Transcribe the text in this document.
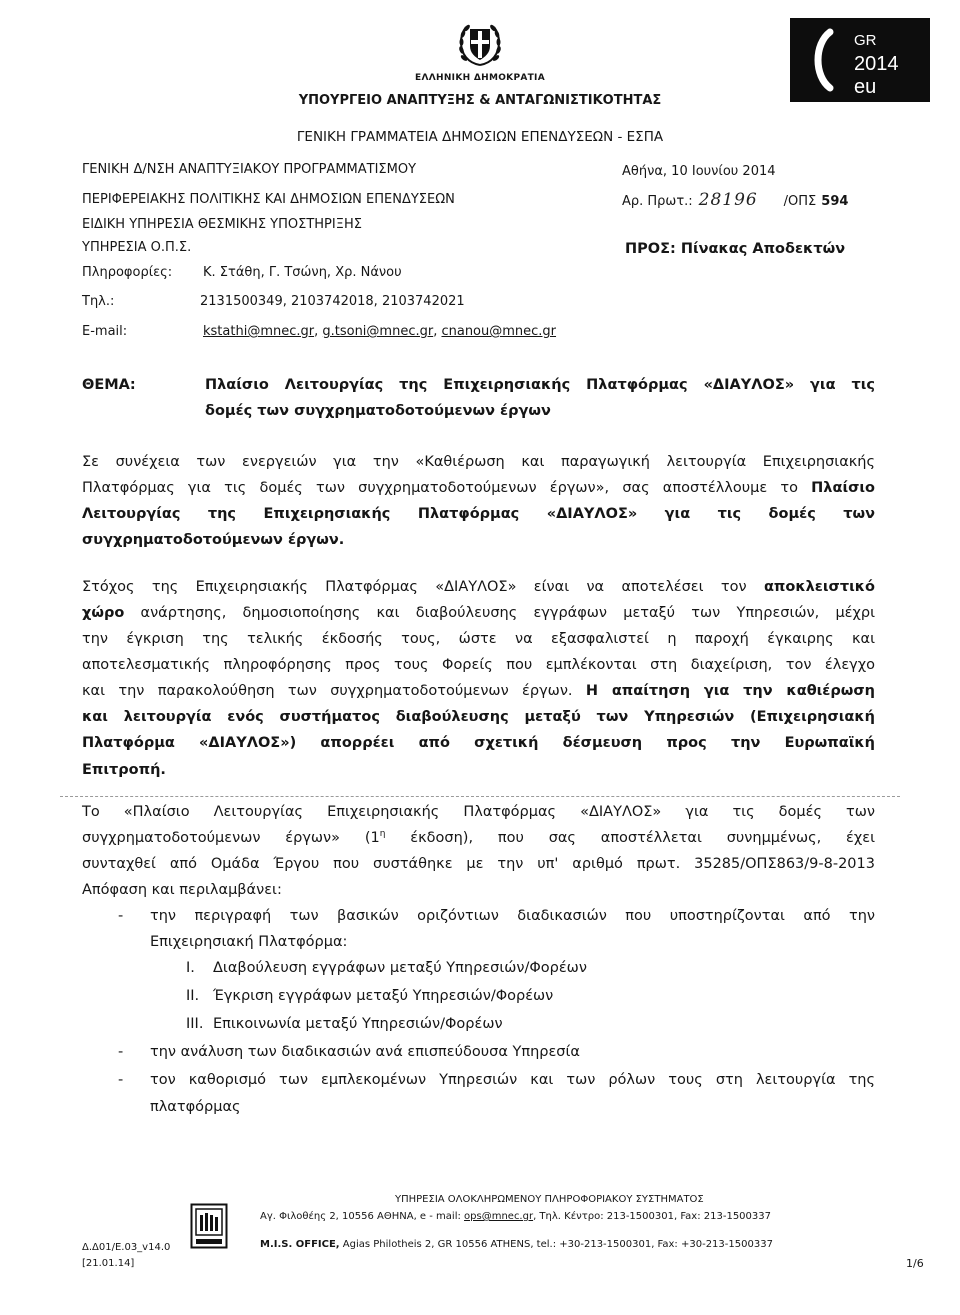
ΕΛΛΗΝΙΚΗ ΔΗΜΟΚΡΑΤΙΑ
ΥΠΟΥΡΓΕΙΟ ΑΝΑΠΤΥΞΗΣ & ΑΝΤΑΓΩΝΙΣΤΙΚΟΤΗΤΑΣ
ΓΕΝΙΚΗ ΓΡΑΜΜΑΤΕΙΑ ΔΗΜΟΣΙΩΝ ΕΠΕΝΔΥΣΕΩΝ - ΕΣΠΑ
GR
2014
eu
ΓΕΝΙΚΗ Δ/ΝΣΗ ΑΝΑΠΤΥΞΙΑΚΟΥ ΠΡΟΓΡΑΜΜΑΤΙΣΜΟΥ
ΠΕΡΙΦΕΡΕΙΑΚΗΣ ΠΟΛΙΤΙΚΗΣ ΚΑΙ ΔΗΜΟΣΙΩΝ ΕΠΕΝΔΥΣΕΩΝ
ΕΙΔΙΚΗ ΥΠΗΡΕΣΙΑ ΘΕΣΜΙΚΗΣ ΥΠΟΣΤΗΡΙΞΗΣ
ΥΠΗΡΕΣΙΑ Ο.Π.Σ.
Πληροφορίες: Κ. Στάθη, Γ. Τσώνη, Χρ. Νάνου
Τηλ.:	2131500349, 2103742018, 2103742021
E-mail:	kstathi@mnec.gr, g.tsoni@mnec.gr, cnanou@mnec.gr
Αθήνα, 10 Ιουνίου 2014
Αρ. Πρωτ.: 28196 /ΟΠΣ 594
ΠΡΟΣ: Πίνακας Αποδεκτών
ΘΕΜΑ:	Πλαίσιο Λειτουργίας της Επιχειρησιακής Πλατφόρμας «ΔΙΑΥΛΟΣ» για τις
δομές των συγχρηματοδοτούμενων έργων
Σε συνέχεια των ενεργειών για την «Καθιέρωση και παραγωγική λειτουργία Επιχειρησιακής
Πλατφόρμας για τις δομές των συγχρηματοδοτούμενων έργων», σας αποστέλλουμε το Πλαίσιο
Λειτουργίας της Επιχειρησιακής Πλατφόρμας «ΔΙΑΥΛΟΣ» για τις δομές των
συγχρηματοδοτούμενων έργων.
Στόχος της Επιχειρησιακής Πλατφόρμας «ΔΙΑΥΛΟΣ» είναι να αποτελέσει τον αποκλειστικό
χώρο ανάρτησης, δημοσιοποίησης και διαβούλευσης εγγράφων μεταξύ των Υπηρεσιών, μέχρι
την έγκριση της τελικής έκδοσής τους, ώστε να εξασφαλιστεί η παροχή έγκαιρης και
αποτελεσματικής πληροφόρησης προς τους Φορείς που εμπλέκονται στη διαχείριση, τον έλεγχο
και την παρακολούθηση των συγχρηματοδοτούμενων έργων. Η απαίτηση για την καθιέρωση
και λειτουργία ενός συστήματος διαβούλευσης μεταξύ των Υπηρεσιών (Επιχειρησιακή
Πλατφόρμα «ΔΙΑΥΛΟΣ») απορρέει από σχετική δέσμευση προς την Ευρωπαϊκή
Επιτροπή.
Το «Πλαίσιο Λειτουργίας Επιχειρησιακής Πλατφόρμας «ΔΙΑΥΛΟΣ» για τις δομές των
συγχρηματοδοτούμενων έργων» ($1^\eta$ έκδοση), που σας αποστέλλεται συνημμένως, έχει
συνταχθεί από Ομάδα Έργου που συστάθηκε με την υπ' αριθμό πρωτ. 35285/ΟΠΣ863/9-8-2013
Απόφαση και περιλαμβάνει:
- την περιγραφή των βασικών οριζόντιων διαδικασιών που υποστηρίζονται από την
Επιχειρησιακή Πλατφόρμα:
I. Διαβούλευση εγγράφων μεταξύ Υπηρεσιών/Φορέων
II. Έγκριση εγγράφων μεταξύ Υπηρεσιών/Φορέων
III. Επικοινωνία μεταξύ Υπηρεσιών/Φορέων
- την ανάλυση των διαδικασιών ανά επισπεύδουσα Υπηρεσία
- τον καθορισμό των εμπλεκομένων Υπηρεσιών και των ρόλων τους στη λειτουργία της
πλατφόρμας
ΥΠΗΡΕΣΙΑ ΟΛΟΚΛΗΡΩΜΕΝΟΥ ΠΛΗΡΟΦΟΡΙΑΚΟΥ ΣΥΣΤΗΜΑΤΟΣ
Αγ. Φιλοθέης 2, 10556 ΑΘΗΝΑ, e - mail: ops@mnec.gr, Τηλ. Κέντρο: 213-1500301, Fax: 213-1500337
M.I.S. OFFICE, Agias Philotheis 2, GR 10556 ATHENS, tel.: +30-213-1500301, Fax: +30-213-1500337
Δ.Δ01/Ε.03_v14.0
[21.01.14]	1/6
